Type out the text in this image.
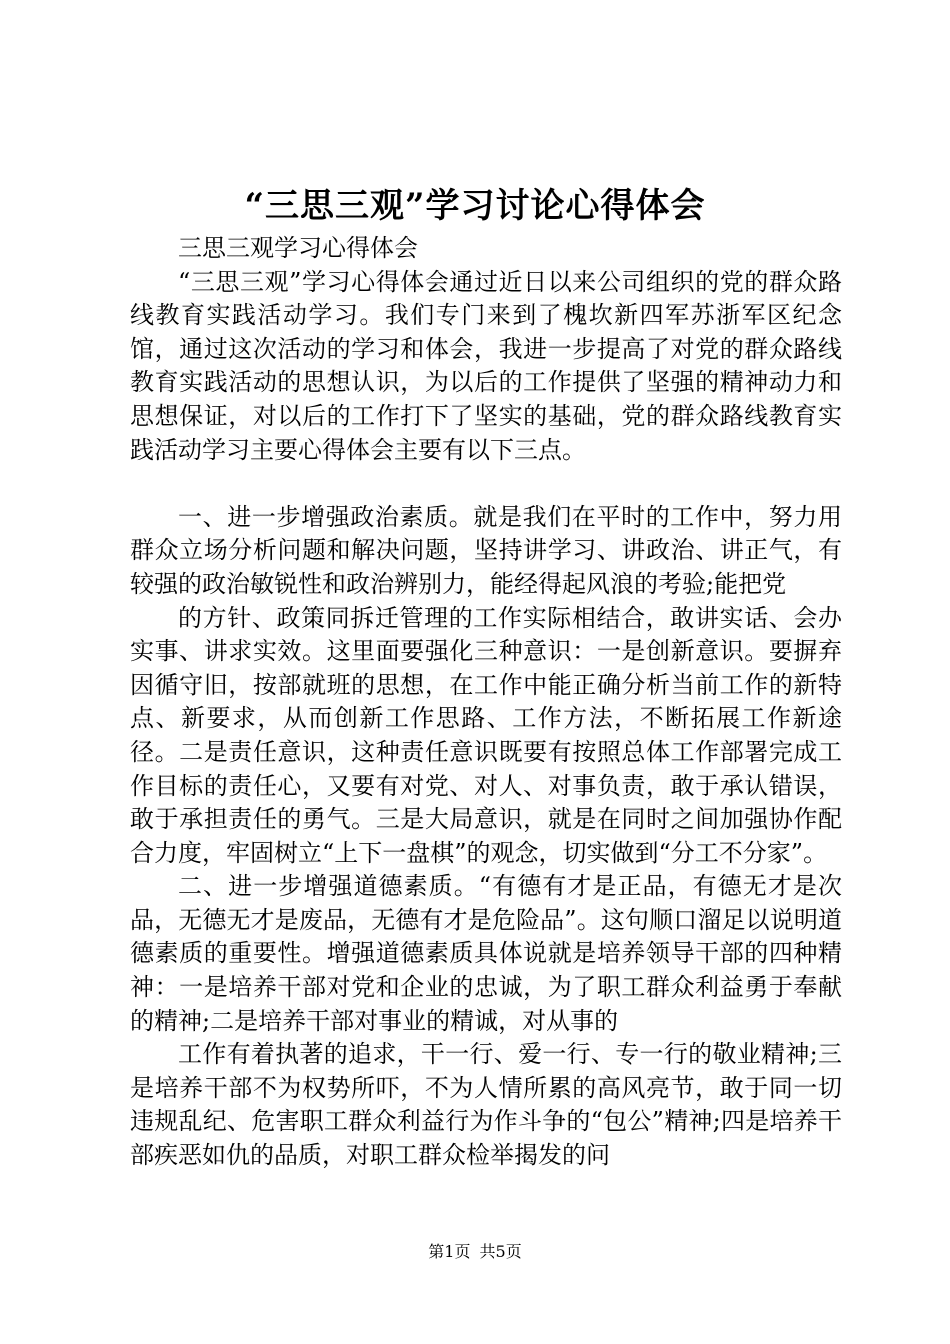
“三思三观”学习讨论心得体会

三思三观学习心得体会

“三思三观”学习心得体会通过近日以来公司组织的党的群众路线教育实践活动学习。我们专门来到了槐坎新四军苏浙军区纪念馆，通过这次活动的学习和体会，我进一步提高了对党的群众路线教育实践活动的思想认识，为以后的工作提供了坚强的精神动力和思想保证，对以后的工作打下了坚实的基础，党的群众路线教育实践活动学习主要心得体会主要有以下三点。

一、进一步增强政治素质。就是我们在平时的工作中，努力用群众立场分析问题和解决问题，坚持讲学习、讲政治、讲正气，有较强的政治敏锐性和政治辨别力，能经得起风浪的考验;能把党

的方针、政策同拆迁管理的工作实际相结合，敢讲实话、会办实事、讲求实效。这里面要强化三种意识：一是创新意识。要摒弃因循守旧，按部就班的思想，在工作中能正确分析当前工作的新特点、新要求，从而创新工作思路、工作方法，不断拓展工作新途径。二是责任意识，这种责任意识既要有按照总体工作部署完成工作目标的责任心，又要有对党、对人、对事负责，敢于承认错误，敢于承担责任的勇气。三是大局意识，就是在同时之间加强协作配合力度，牢固树立“上下一盘棋”的观念，切实做到“分工不分家”。

二、进一步增强道德素质。“有德有才是正品，有德无才是次品，无德无才是废品，无德有才是危险品”。这句顺口溜足以说明道德素质的重要性。增强道德素质具体说就是培养领导干部的四种精神：一是培养干部对党和企业的忠诚，为了职工群众利益勇于奉献的精神;二是培养干部对事业的精诚，对从事的

工作有着执著的追求，干一行、爱一行、专一行的敬业精神;三是培养干部不为权势所吓，不为人情所累的高风亮节，敢于同一切违规乱纪、危害职工群众利益行为作斗争的“包公”精神;四是培养干部疾恶如仇的品质，对职工群众检举揭发的问

第1页 共5页
